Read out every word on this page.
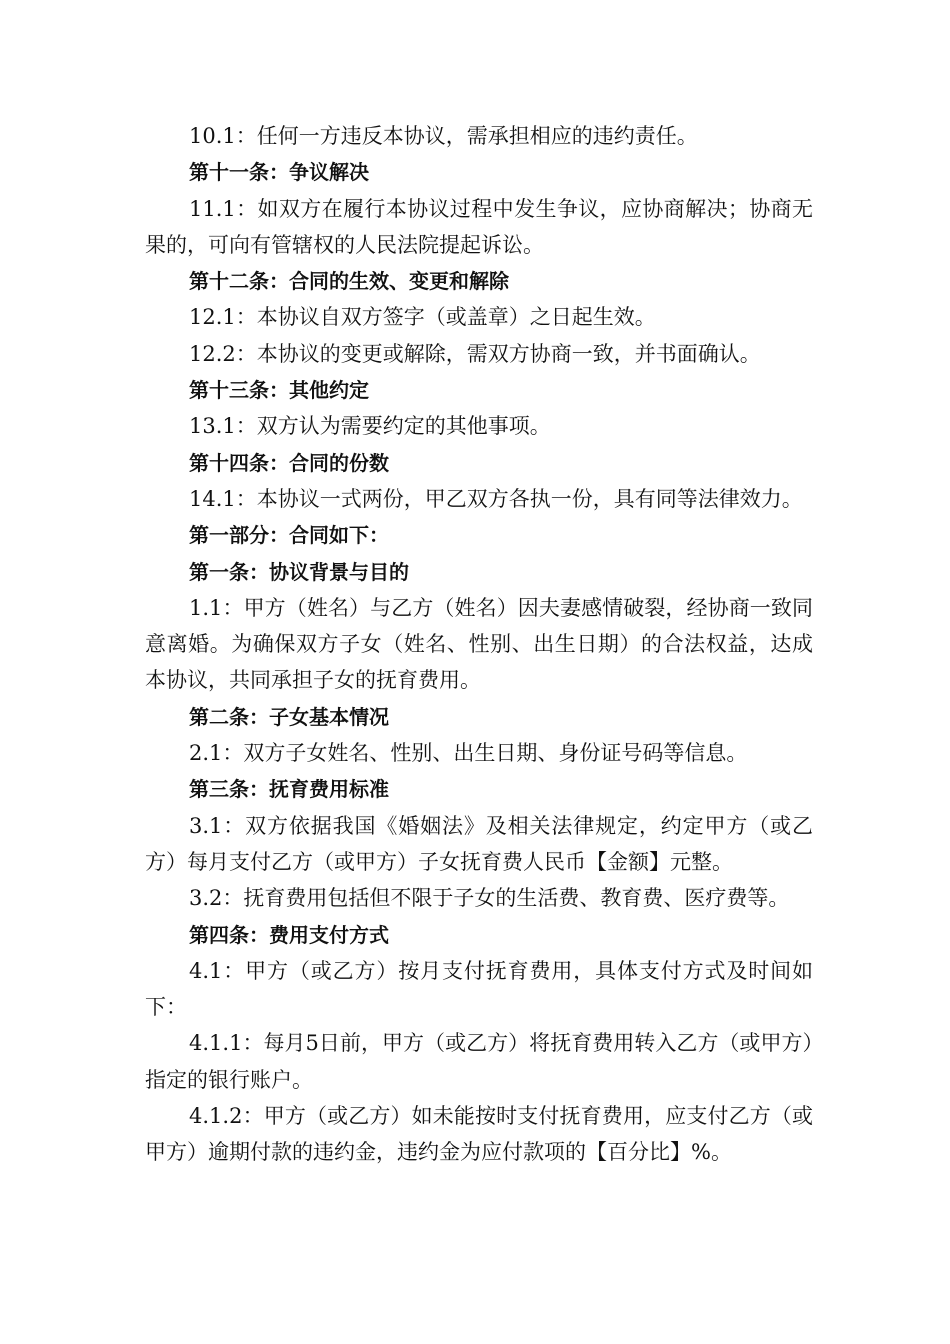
10.1：任何一方违反本协议，需承担相应的违约责任。

第十一条：争议解决

11.1：如双方在履行本协议过程中发生争议，应协商解决；协商无果的，可向有管辖权的人民法院提起诉讼。

第十二条：合同的生效、变更和解除

12.1：本协议自双方签字（或盖章）之日起生效。

12.2：本协议的变更或解除，需双方协商一致，并书面确认。

第十三条：其他约定

13.1：双方认为需要约定的其他事项。

第十四条：合同的份数

14.1：本协议一式两份，甲乙双方各执一份，具有同等法律效力。

第一部分：合同如下：

第一条：协议背景与目的

1.1：甲方（姓名）与乙方（姓名）因夫妻感情破裂，经协商一致同意离婚。为确保双方子女（姓名、性别、出生日期）的合法权益，达成本协议，共同承担子女的抚育费用。

第二条：子女基本情况

2.1：双方子女姓名、性别、出生日期、身份证号码等信息。

第三条：抚育费用标准

3.1：双方依据我国《婚姻法》及相关法律规定，约定甲方（或乙方）每月支付乙方（或甲方）子女抚育费人民币【金额】元整。

3.2：抚育费用包括但不限于子女的生活费、教育费、医疗费等。

第四条：费用支付方式

4.1：甲方（或乙方）按月支付抚育费用，具体支付方式及时间如下：

4.1.1：每月5日前，甲方（或乙方）将抚育费用转入乙方（或甲方）指定的银行账户。

4.1.2：甲方（或乙方）如未能按时支付抚育费用，应支付乙方（或甲方）逾期付款的违约金，违约金为应付款项的【百分比】%。
